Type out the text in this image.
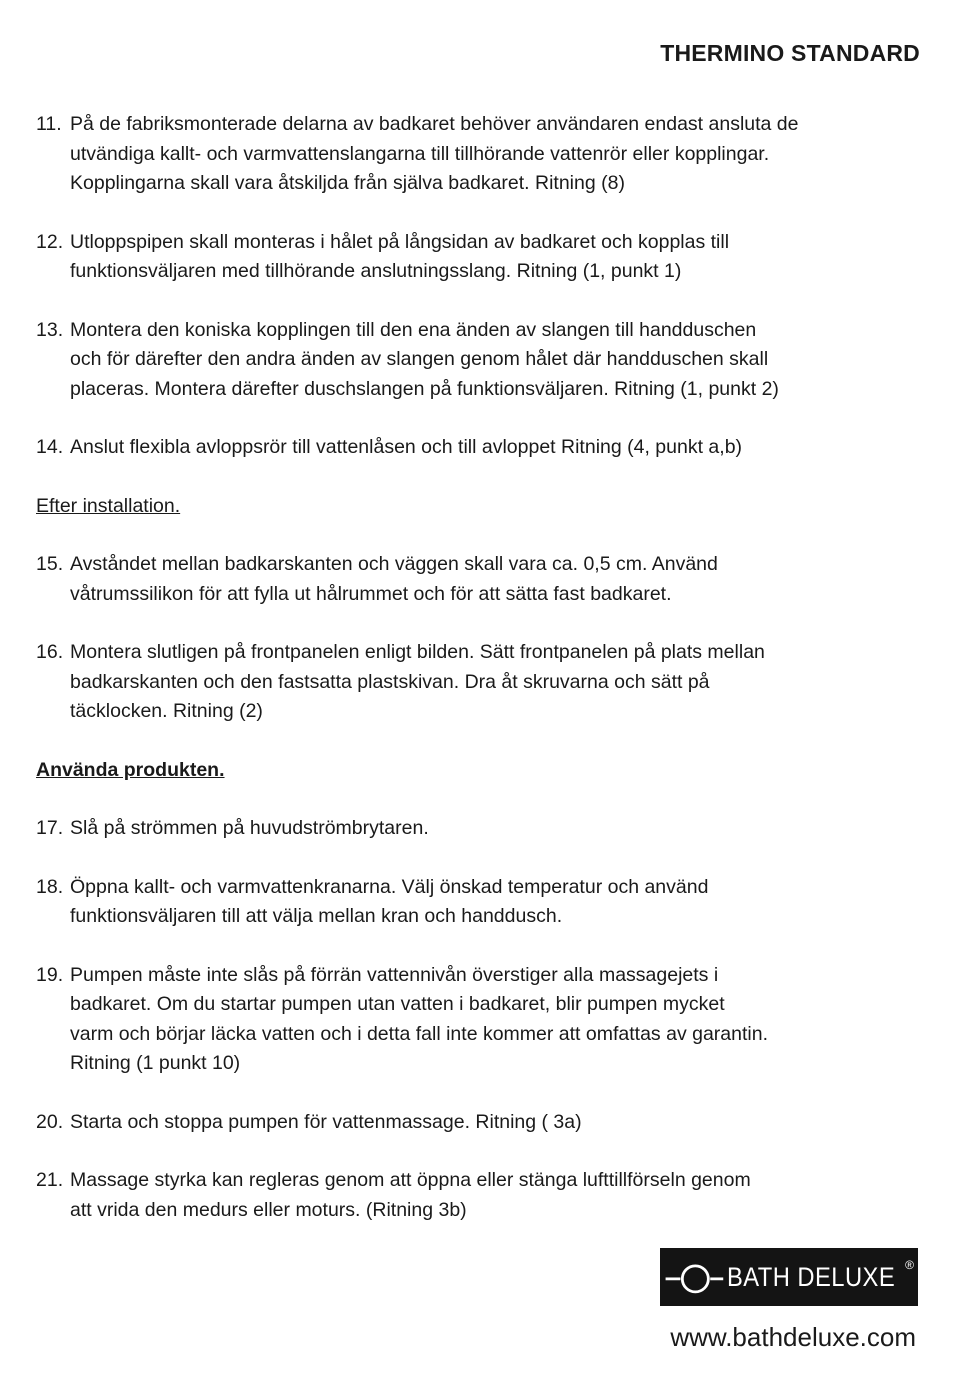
THERMINO STANDARD
11. På de fabriksmonterade delarna av badkaret behöver användaren endast ansluta de
utvändiga kallt- och varmvattenslangarna till tillhörande vattenrör eller kopplingar.
Kopplingarna skall vara åtskiljda från själva badkaret. Ritning (8)
12. Utloppspipen skall monteras i hålet på långsidan av badkaret och kopplas till
funktionsväljaren med tillhörande anslutningsslang. Ritning (1, punkt 1)
13. Montera den koniska kopplingen till den ena änden av slangen till handduschen
och för därefter den andra änden av slangen genom hålet där handduschen skall
placeras. Montera därefter duschslangen på funktionsväljaren. Ritning (1, punkt 2)
14. Anslut flexibla avloppsrör till vattenlåsen och till avloppet Ritning (4, punkt a,b)
Efter installation.
15. Avståndet mellan badkarskanten och väggen skall vara ca. 0,5 cm. Använd
våtrumssilikon för att fylla ut hålrummet och för att sätta fast badkaret.
16. Montera slutligen på frontpanelen enligt bilden. Sätt frontpanelen på plats mellan
badkarskanten och den fastsatta plastskivan. Dra åt skruvarna och sätt på
täcklocken. Ritning (2)
Använda produkten.
17. Slå på strömmen på huvudströmbrytaren.
18. Öppna kallt- och varmvattenkranarna. Välj önskad temperatur och använd
funktionsväljaren till att välja mellan kran och handdusch.
19. Pumpen måste inte slås på förrän vattennivån överstiger alla massagejets i
badkaret. Om du startar pumpen utan vatten i badkaret, blir pumpen mycket
varm och börjar läcka vatten och i detta fall inte kommer att omfattas av garantin.
Ritning (1 punkt 10)
20. Starta och stoppa pumpen för vattenmassage. Ritning ( 3a)
21. Massage styrka kan regleras genom att öppna eller stänga lufttillförseln genom
att vrida den medurs eller moturs. (Ritning 3b)
BATH DELUXE ®
www.bathdeluxe.com
